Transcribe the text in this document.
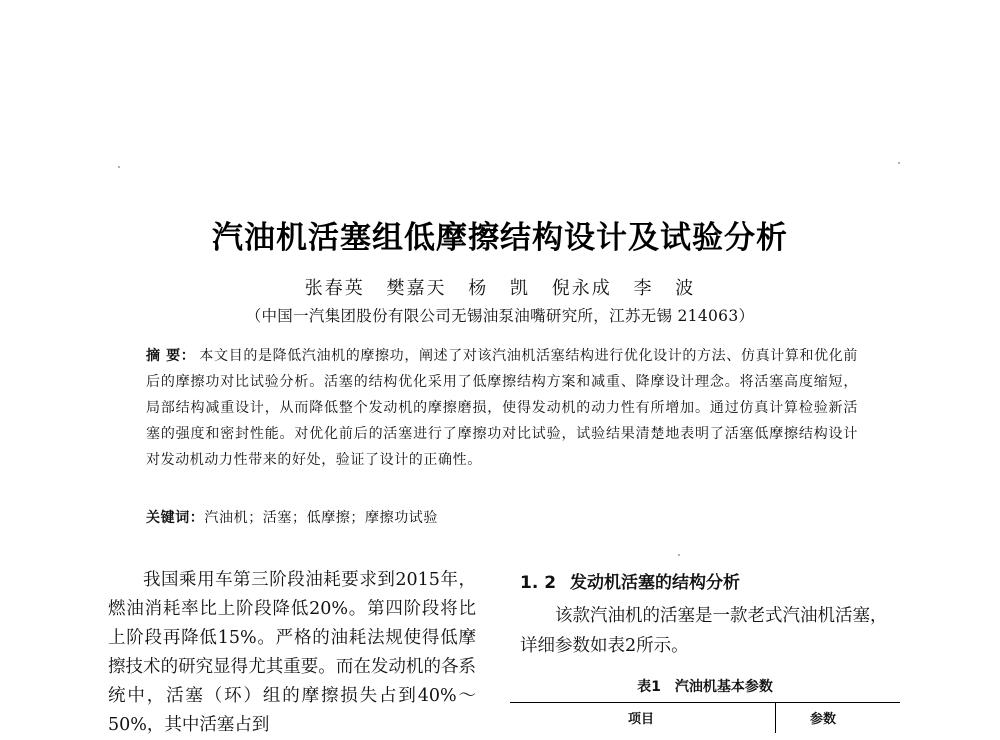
汽油机活塞组低摩擦结构设计及试验分析
张春英 樊嘉天 杨 凯 倪永成 李 波
（中国一汽集团股份有限公司无锡油泵油嘴研究所，江苏无锡 214063）
摘 要： 本文目的是降低汽油机的摩擦功，阐述了对该汽油机活塞结构进行优化设计的方法、仿真计算和优化前后的摩擦功对比试验分析。活塞的结构优化采用了低摩擦结构方案和减重、降摩设计理念。将活塞高度缩短，局部结构减重设计，从而降低整个发动机的摩擦磨损，使得发动机的动力性有所增加。通过仿真计算检验新活塞的强度和密封性能。对优化前后的活塞进行了摩擦功对比试验，试验结果清楚地表明了活塞低摩擦结构设计对发动机动力性带来的好处，验证了设计的正确性。
关键词：汽油机；活塞；低摩擦；摩擦功试验

我国乘用车第三阶段油耗要求到2015年，燃油消耗率比上阶段降低20%。第四阶段将比上阶段再降低15%。严格的油耗法规使得低摩擦技术的研究显得尤其重要。而在发动机的各系统中，活塞（环）组的摩擦损失占到40%～50%，其中活塞占到

1. 2 发动机活塞的结构分析

该款汽油机的活塞是一款老式汽油机活塞，详细参数如表2所示。

表1 汽油机基本参数
项目	参数
